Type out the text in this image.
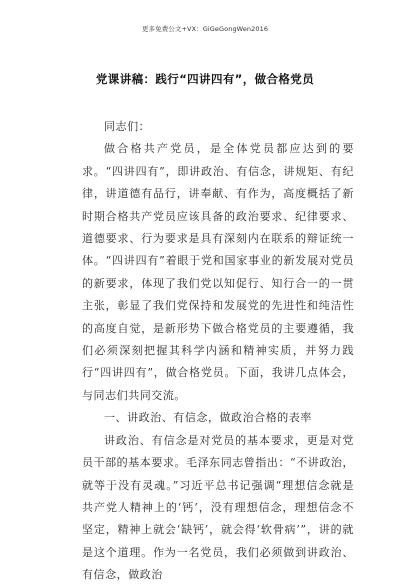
更多免费公文+VX：GiGeGongWen2016
党课讲稿：践行“四讲四有”，做合格党员

同志们：

做合格共产党员，是全体党员都应达到的要求。“四讲四有”，即讲政治、有信念，讲规矩、有纪律，讲道德有品行，讲奉献、有作为，高度概括了新时期合格共产党员应该具备的政治要求、纪律要求、道德要求、行为要求是具有深刻内在联系的辩证统一体。“四讲四有”着眼于党和国家事业的新发展对党员的新要求，体现了我们党以知促行、知行合一的一贯主张，彰显了我们党保持和发展党的先进性和纯洁性的高度自觉，是新形势下做合格党员的主要遵循，我们必须深刻把握其科学内涵和精神实质，并努力践行“四讲四有”，做合格党员。下面，我讲几点体会，与同志们共同交流。

一、讲政治、有信念，做政治合格的表率

讲政治、有信念是对党员的基本要求，更是对党员干部的基本要求。毛泽东同志曾指出：“不讲政治，就等于没有灵魂。”习近平总书记强调“理想信念就是共产党人精神上的‘钙’，没有理想信念，理想信念不坚定，精神上就会‘缺钙’，就会得‘软骨病’”，讲的就是这个道理。作为一名党员，我们必须做到讲政治、有信念，做政治
